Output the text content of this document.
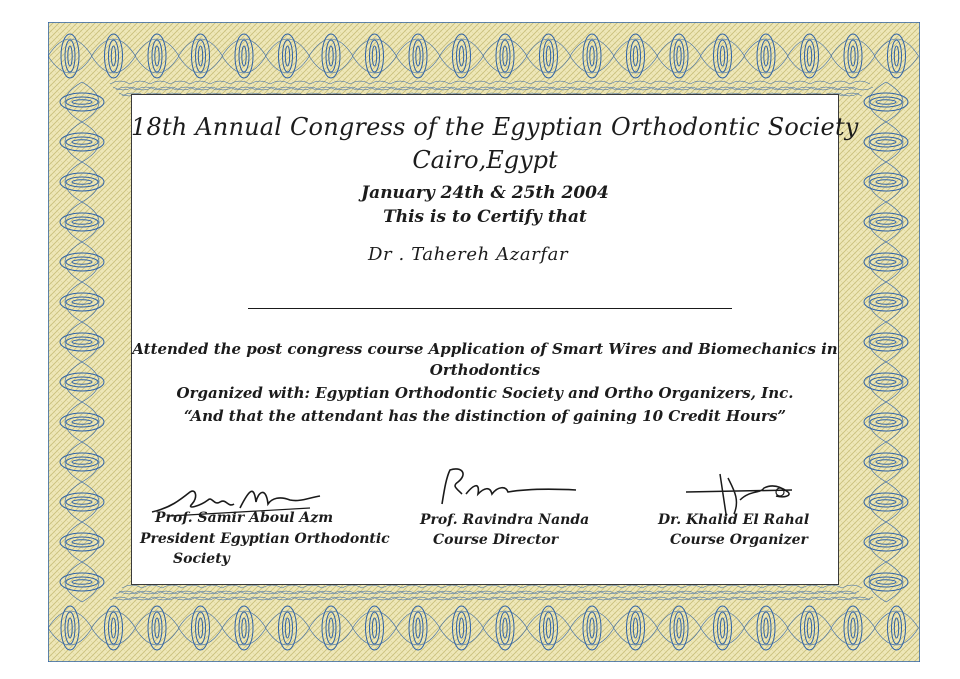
18th Annual Congress of the Egyptian Orthodontic Society
Cairo,Egypt
January 24th & 25th 2004
This is to Certify that
Dr . Tahereh Azarfar
Attended the post congress course Application of Smart Wires and Biomechanics in
Orthodontics
Organized with: Egyptian Orthodontic Society and Ortho Organizers, Inc.
“And that the attendant has the distinction of gaining 10 Credit Hours”
Prof. Samir Aboul Azm
President Egyptian Orthodontic
Society
Prof. Ravindra Nanda
Course Director
Dr. Khalid El Rahal
Course Organizer
